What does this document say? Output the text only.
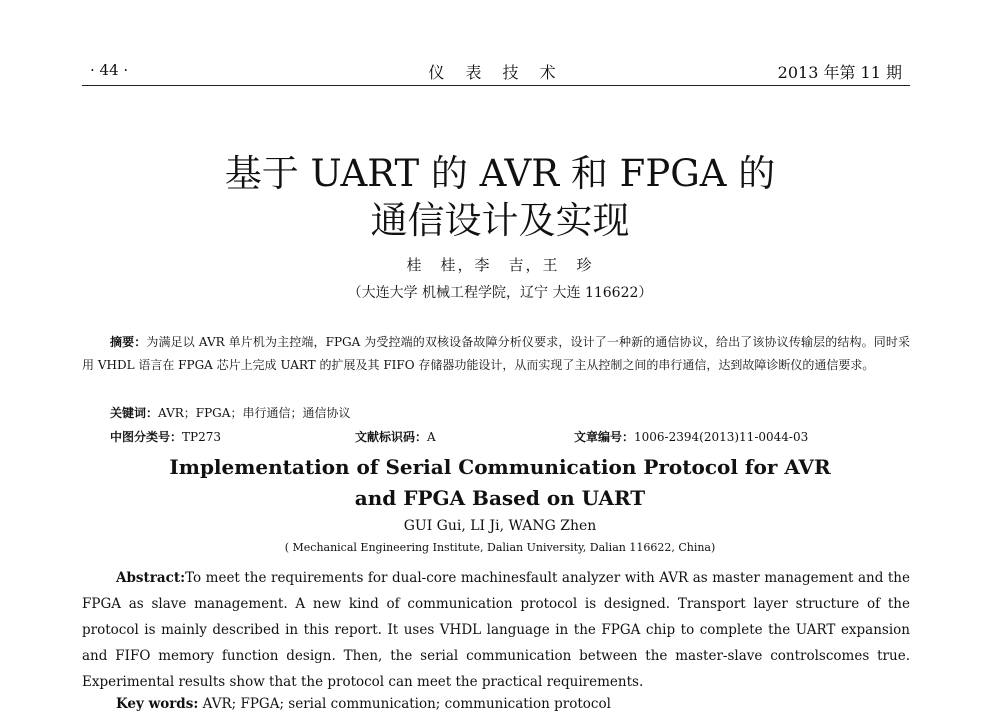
· 44 ·	仪 表 技 术	2013 年第 11 期
基于 UART 的 AVR 和 FPGA 的
通信设计及实现
桂　桂，李　吉，王　珍
（大连大学 机械工程学院，辽宁 大连 116622）
摘要：为满足以 AVR 单片机为主控端，FPGA 为受控端的双核设备故障分析仪要求，设计了一种新的通信协议，给出了该协议传输层的结构。同时采用 VHDL 语言在 FPGA 芯片上完成 UART 的扩展及其 FIFO 存储器功能设计，从而实现了主从控制之间的串行通信，达到故障诊断仪的通信要求。
关键词：AVR；FPGA；串行通信；通信协议
中图分类号：TP273	文献标识码：A	文章编号：1006-2394(2013)11-0044-03
Implementation of Serial Communication Protocol for AVR
and FPGA Based on UART
GUI Gui, LI Ji, WANG Zhen
( Mechanical Engineering Institute, Dalian University, Dalian 116622, China)
Abstract:To meet the requirements for dual-core machinesfault analyzer with AVR as master management and the FPGA as slave management. A new kind of communication protocol is designed. Transport layer structure of the protocol is mainly described in this report. It uses VHDL language in the FPGA chip to complete the UART expansion and FIFO memory function design. Then, the serial communication between the master-slave controlscomes true. Experimental results show that the protocol can meet the practical requirements.
Key words: AVR; FPGA; serial communication; communication protocol
